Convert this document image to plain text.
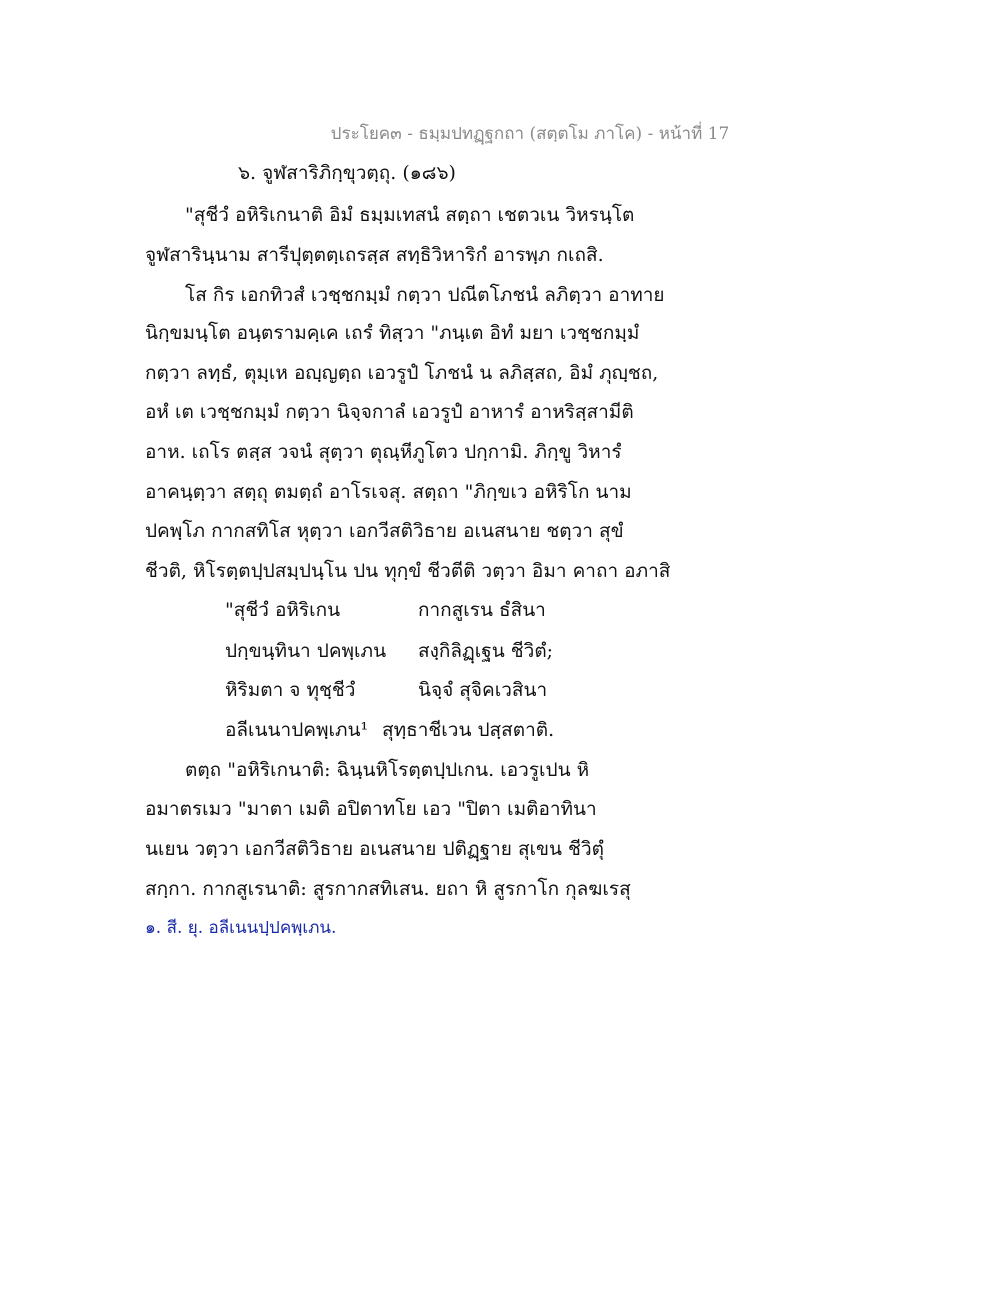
ประโยค๓ - ธมฺมปทฏฺฐกถา (สตฺตโม ภาโค) - หน้าที่ 17
๖. จูฬสาริภิกฺขุวตฺถุ. (๑๘๖)
"สุชีวํ อหิริเกนาติ อิมํ ธมฺมเทสนํ สตฺถา เชตวเน วิหรนฺโต
จูฬสารินฺนาม สารีปุตฺตตฺเถรสฺส สทฺธิวิหาริกํ อารพฺภ กเถสิ.
โส กิร เอกทิวสํ เวชฺชกมฺมํ กตฺวา ปณีตโภชนํ ลภิตฺวา อาทาย
นิกฺขมนฺโต อนฺตรามคฺเค เถรํ ทิสฺวา "ภนฺเต อิทํ มยา เวชฺชกมฺมํ
กตฺวา ลทฺธํ, ตุมฺเห อญฺญตฺถ เอวรูปํ โภชนํ น ลภิสฺสถ, อิมํ ภุญฺชถ,
อหํ เต เวชฺชกมฺมํ กตฺวา นิจฺจกาลํ เอวรูปํ อาหารํ อาหริสฺสามีติ
อาห. เถโร ตสฺส วจนํ สุตฺวา ตุณฺหีภูโตว ปกฺกามิ. ภิกฺขู วิหารํ
อาคนฺตฺวา สตฺถุ ตมตฺถํ อาโรเจสุ. สตฺถา "ภิกฺขเว อหิริโก นาม
ปคพฺโภ กากสทิโส หุตฺวา เอกวีสติวิธาย อเนสนาย ชตฺวา สุขํ
ชีวติ, หิโรตฺตปฺปสมฺปนฺโน ปน ทุกฺขํ ชีวตีติ วตฺวา อิมา คาถา อภาสิ
"สุชีวํ อหิริเกน	กากสูเรน ธํสินา
ปกฺขนฺทินา ปคพฺเภน สงฺกิลิฏฺเฐน ชีวิตํ;
หิริมตา จ ทุชฺชีวํ	นิจฺจํ สุจิคเวสินา
อลีเนนาปคพฺเภน¹ สุทฺธาชีเวน ปสฺสตาติ.
ตตฺถ "อหิริเกนาติ: ฉินฺนหิโรตฺตปฺปเกน. เอวรูเปน หิ
อมาตรเมว "มาตา เมติ อปิตาทโย เอว "ปิตา เมติอาทินา
นเยน วตฺวา เอกวีสติวิธาย อเนสนาย ปติฏฺฐาย สุเขน ชีวิตุํ
สกฺกา. กากสูเรนาติ: สูรกากสทิเสน. ยถา หิ สูรกาโก กุลฆเรสุ
๑. สี. ยุ. อลีเนนปฺปคพฺเภน.
